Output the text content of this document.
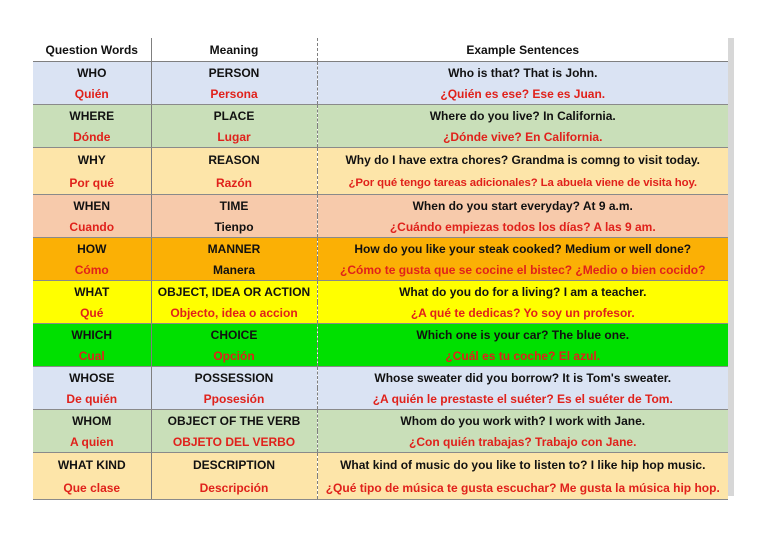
Question Words	Meaning	Example Sentences
WHO	PERSON	Who is that? That is John.
Quién	Persona	¿Quién es ese? Ese es Juan.
WHERE	PLACE	Where do you live? In California.
Dónde	Lugar	¿Dónde vive? En California.
WHY	REASON	Why do I have extra chores? Grandma is comng to visit today.
Por qué	Razón	¿Por qué tengo tareas adicionales? La abuela viene de visita hoy.
WHEN	TIME	When do you start everyday? At 9 a.m.
Cuando	Tienpo	¿Cuándo empiezas todos los días? A las 9 am.
HOW	MANNER	How do you like your steak cooked? Medium or well done?
Cómo	Manera	¿Cómo te gusta que se cocine el bistec? ¿Medio o bien cocido?
WHAT	OBJECT, IDEA OR ACTION	What do you do for a living? I am a teacher.
Qué	Objecto, idea o accion	¿A qué te dedicas? Yo soy un profesor.
WHICH	CHOICE	Which one is your car? The blue one.
Cual	Opción	¿Cuál es tu coche? El azul.
WHOSE	POSSESSION	Whose sweater did you borrow? It is Tom's sweater.
De quién	Pposesión	¿A quién le prestaste el suéter? Es el suéter de Tom.
WHOM	OBJECT OF THE VERB	Whom do you work with? I work with Jane.
A quien	OBJETO DEL VERBO	¿Con quién trabajas? Trabajo con Jane.
WHAT KIND	DESCRIPTION	What kind of music do you like to listen to? I like hip hop music.
Que clase	Descripción	¿Qué tipo de música te gusta escuchar? Me gusta la música hip hop.
